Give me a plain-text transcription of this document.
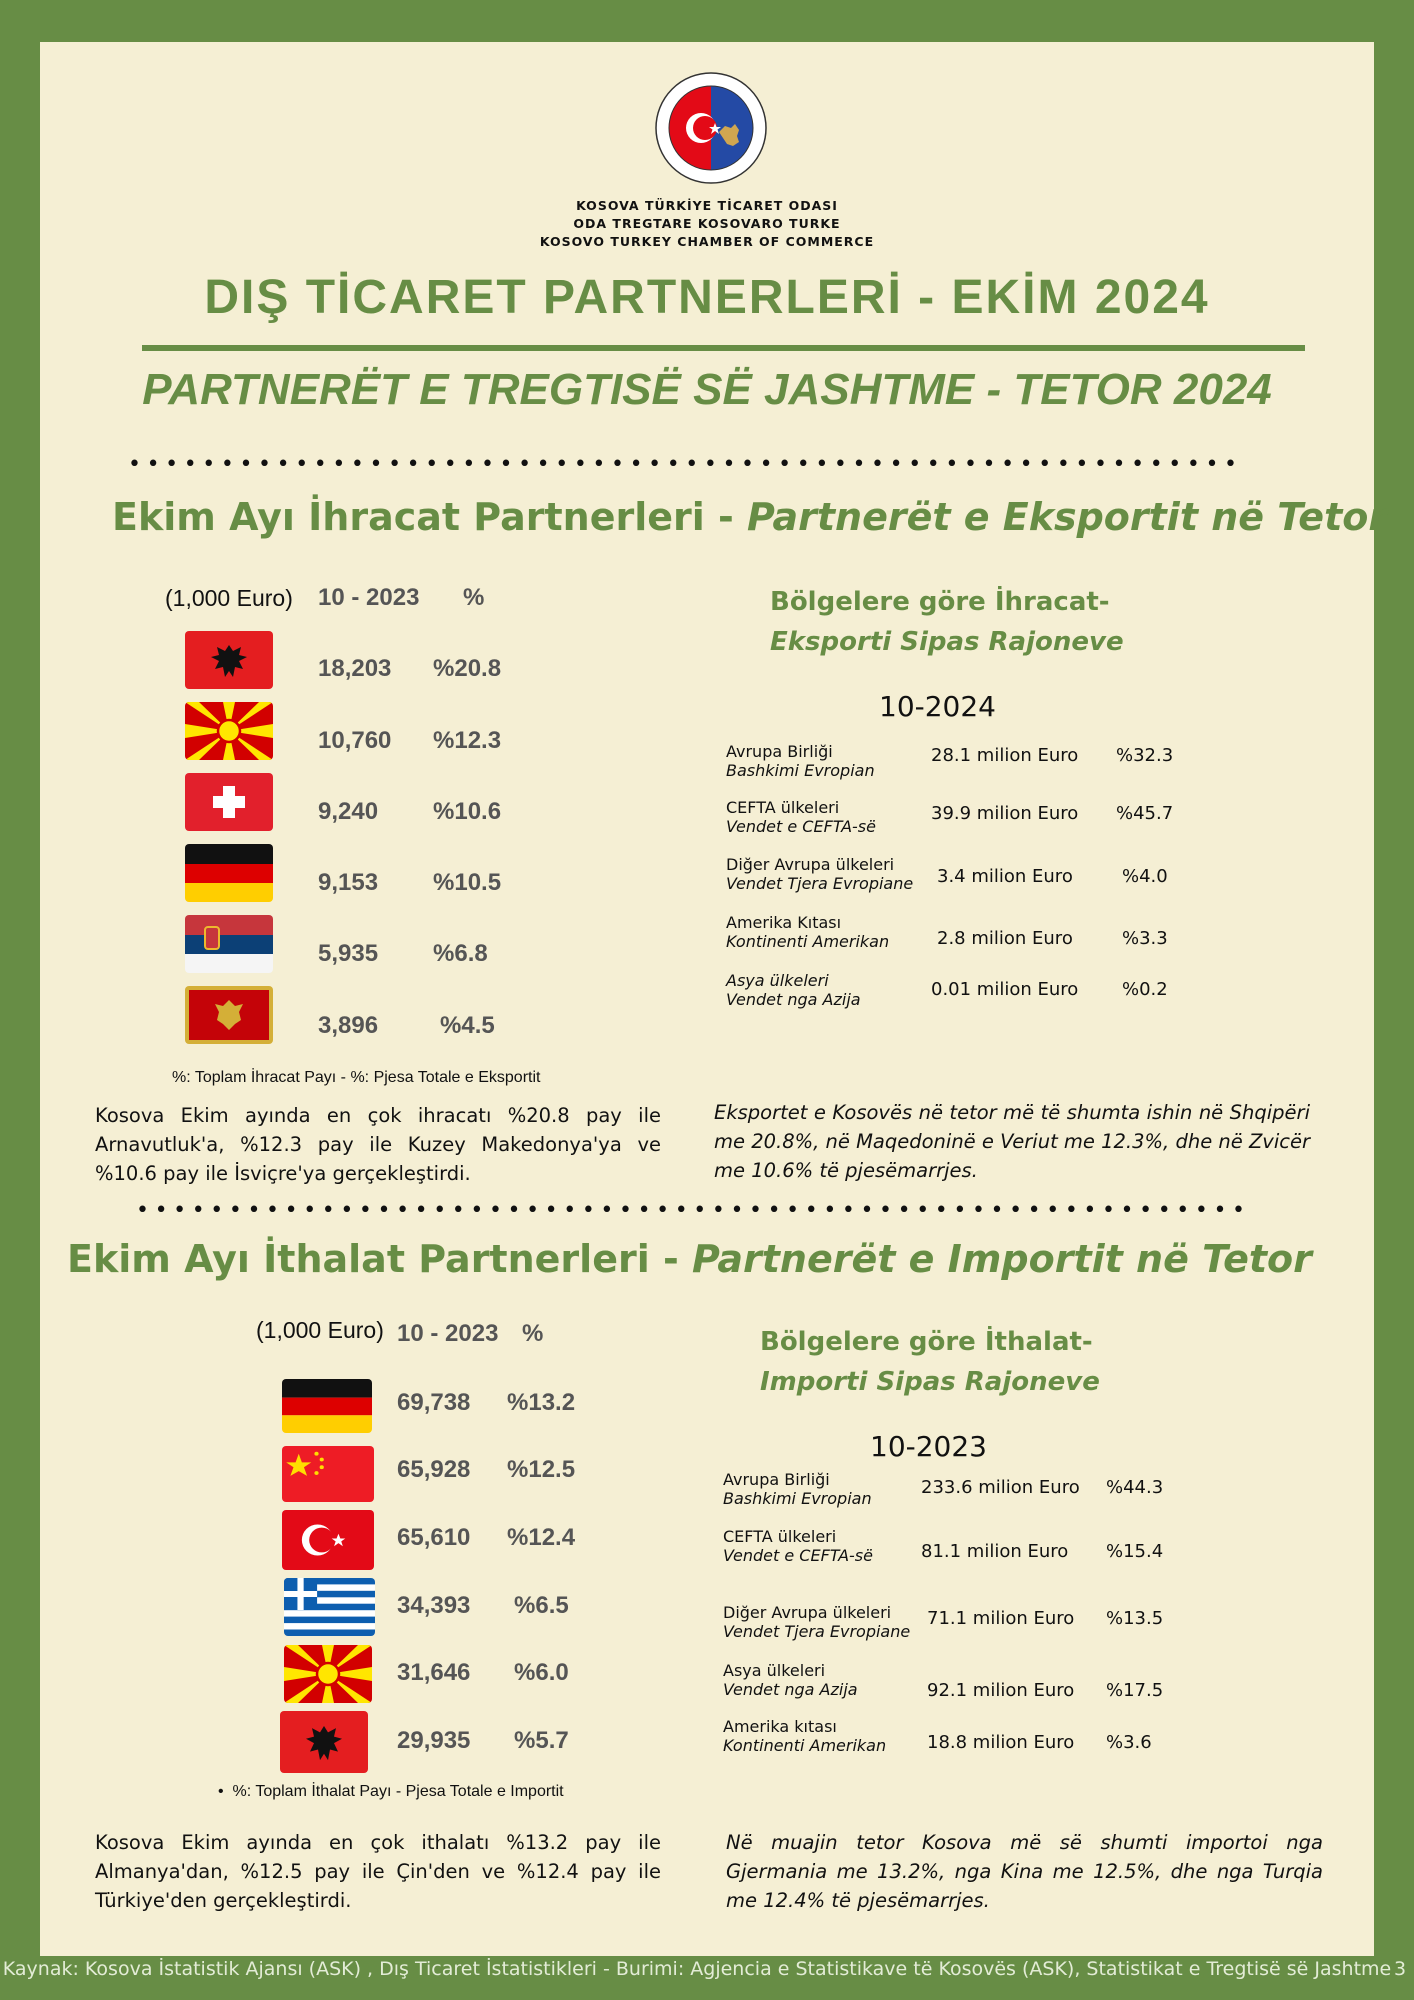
KOSOVA TÜRKİYE TİCARET ODASI
ODA TREGTARE KOSOVARO TURKE
KOSOVO TURKEY CHAMBER OF COMMERCE
DIŞ TİCARET PARTNERLERİ - EKİM 2024
PARTNERËT E TREGTISË SË JASHTME - TETOR 2024
••••••••••••••••••••••••••••••••••••••••••••••••••••••••••••
Ekim Ayı İhracat Partnerleri - Partnerët e Eksportit në Tetor
(1,000 Euro) 10 - 2023 %
18,203 %20.8
10,760 %12.3
9,240 %10.6
9,153 %10.5
5,935 %6.8
3,896	%4.5
%: Toplam İhracat Payı - %: Pjesa Totale e Eksportit
Kosova Ekim ayında en çok ihracatı %20.8 pay ile Arnavutluk'a, %12.3 pay ile Kuzey Makedonya'ya ve %10.6 pay ile İsviçre'ya gerçekleştirdi.
Eksportet e Kosovës në tetor më të shumta ishin në Shqipëri me 20.8%, në Maqedoninë e Veriut me 12.3%, dhe në Zvicër me 10.6% të pjesëmarrjes.
Bölgelere göre İhracat-
Eksporti Sipas Rajoneve
10-2024
Avrupa Birliği
Bashkimi Evropian
28.1 milion Euro %32.3
CEFTA ülkeleri
Vendet e CEFTA-së
39.9 milion Euro %45.7
Diğer Avrupa ülkeleri
Vendet Tjera Evropiane 3.4 milion Euro	%4.0
Amerika Kıtası
Kontinenti Amerikan	2.8 milion Euro	%3.3
Asya ülkeleri
Vendet nga Azija	0.01 milion Euro %0.2
••••••••••••••••••••••••••••••••••••••••••••••••••••••••••••
Ekim Ayı İthalat Partnerleri - Partnerët e Importit në Tetor
(1,000 Euro) 10 - 2023 %
69,738 %13.2
65,928 %12.5
65,610 %12.4
34,393 %6.5
31,646 %6.0
29,935 %5.7
•  %: Toplam İthalat Payı - Pjesa Totale e Importit
Kosova Ekim ayında en çok ithalatı %13.2 pay ile Almanya'dan, %12.5 pay ile Çin'den ve %12.4 pay ile Türkiye'den gerçekleştirdi.
Në muajin tetor Kosova më së shumti importoi nga Gjermania me 13.2%, nga Kina me 12.5%, dhe nga Turqia me 12.4% të pjesëmarrjes.
Bölgelere göre İthalat-
Importi Sipas Rajoneve
10-2023
Avrupa Birliği
Bashkimi Evropian
233.6 milion Euro %44.3
CEFTA ülkeleri
Vendet e CEFTA-së	81.1 milion Euro %15.4
Diğer Avrupa ülkeleri
Vendet Tjera Evropiane
71.1 milion Euro %13.5
Asya ülkeleri
Vendet nga Azija	92.1 milion Euro %17.5
Amerika kıtası
Kontinenti Amerikan 18.8 milion Euro %3.6
Kaynak: Kosova İstatistik Ajansı (ASK) , Dış Ticaret İstatistikleri - Burimi: Agjencia e Statistikave të Kosovës (ASK), Statistikat e Tregtisë së Jashtme 3
